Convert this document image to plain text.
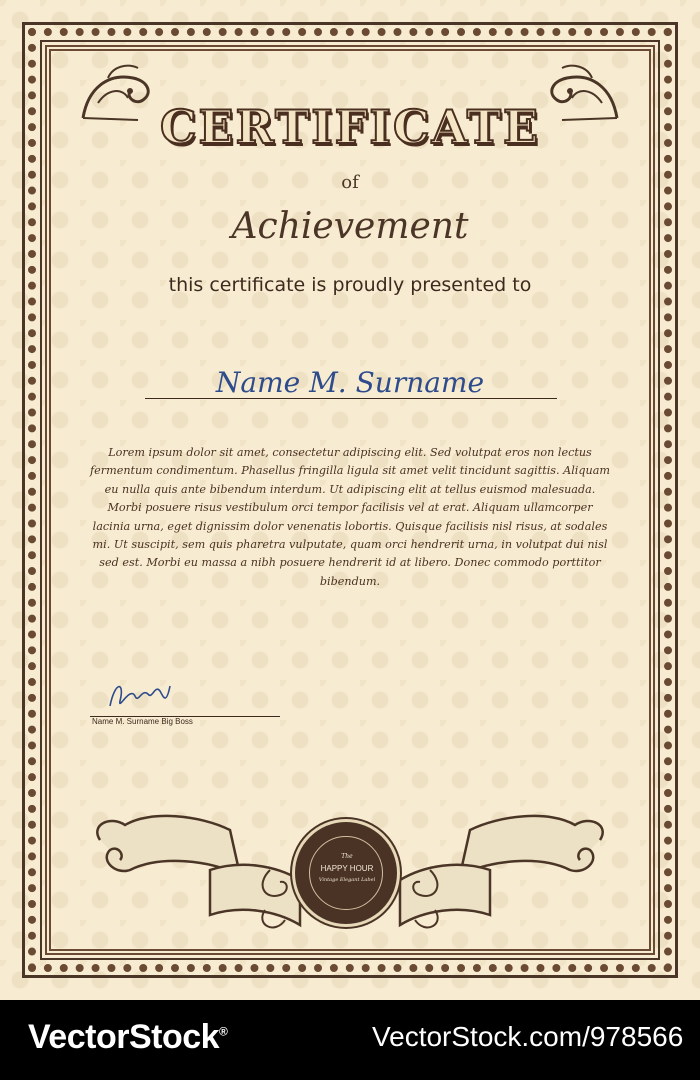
CERTIFICATE
of
Achievement
this certificate is proudly presented to
Name M. Surname
Lorem ipsum dolor sit amet, consectetur adipiscing elit. Sed volutpat eros non lectus fermentum condimentum. Phasellus fringilla ligula sit amet velit tincidunt sagittis. Aliquam eu nulla quis ante bibendum interdum. Ut adipiscing elit at tellus euismod malesuada. Morbi posuere risus vestibulum orci tempor facilisis vel at erat. Aliquam ullamcorper lacinia urna, eget dignissim dolor venenatis lobortis. Quisque facilisis nisl risus, at sodales mi. Ut suscipit, sem quis pharetra vulputate, quam orci hendrerit urna, in volutpat dui nisl sed est. Morbi eu massa a nibh posuere hendrerit id at libero. Donec commodo porttitor bibendum.
Name M. Surname Big Boss
The
HAPPY HOUR
Vintage Elegant Label
VectorStock®	VectorStock.com/978566
